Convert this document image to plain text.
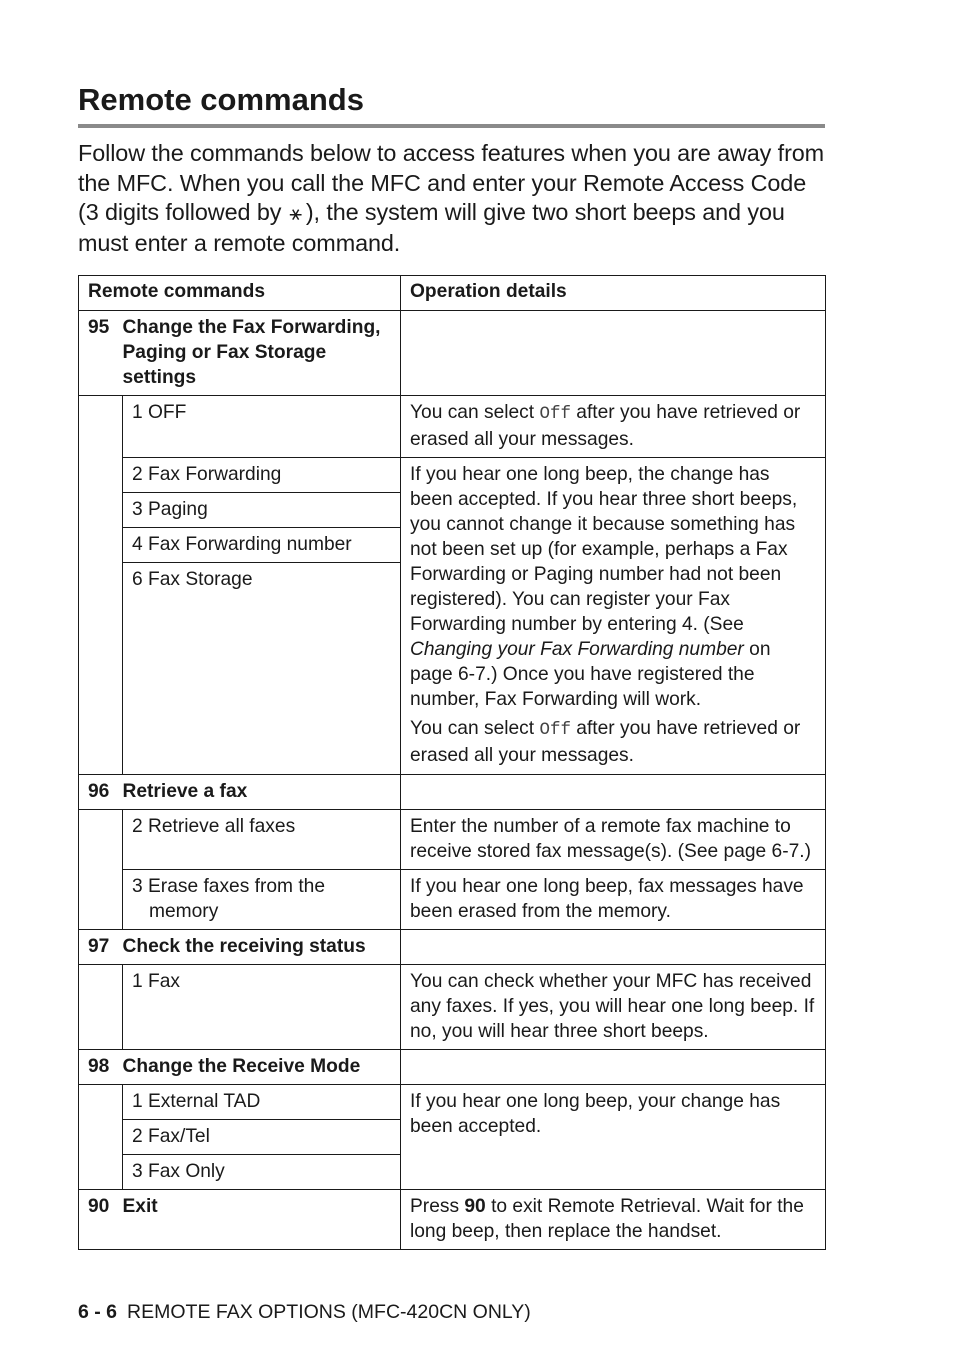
Remote commands

Follow the commands below to access features when you are away from the MFC. When you call the MFC and enter your Remote Access Code (3 digits followed by ⚹ ), the system will give two short beeps and you must enter a remote command.

Remote commands		Operation details
95	Change the Fax Forwarding, Paging or Fax Storage settings	
	1 OFF	You can select Off after you have retrieved or erased all your messages.
	2 Fax Forwarding	If you hear one long beep, the change has been accepted. If you hear three short beeps, you cannot change it because something has not been set up (for example, perhaps a Fax Forwarding or Paging number had not been registered). You can register your Fax Forwarding number by entering 4. (See Changing your Fax Forwarding number on page 6-7.) Once you have registered the number, Fax Forwarding will work.
You can select Off after you have retrieved or erased all your messages.

	3 Paging	
	4 Fax Forwarding number	
	6 Fax Storage	
96	Retrieve a fax	
	2 Retrieve all faxes	Enter the number of a remote fax machine to receive stored fax message(s). (See page 6-7.)
	3 Erase faxes from the memory	If you hear one long beep, fax messages have been erased from the memory.
97	Check the receiving status	
	1 Fax	You can check whether your MFC has received any faxes. If yes, you will hear one long beep. If no, you will hear three short beeps.
98	Change the Receive Mode	
	1 External TAD	If you hear one long beep, your change has been accepted.
	2 Fax/Tel	
	3 Fax Only	
90	Exit	Press 90 to exit Remote Retrieval. Wait for the long beep, then replace the handset.
6 - 6 REMOTE FAX OPTIONS (MFC-420CN ONLY)
